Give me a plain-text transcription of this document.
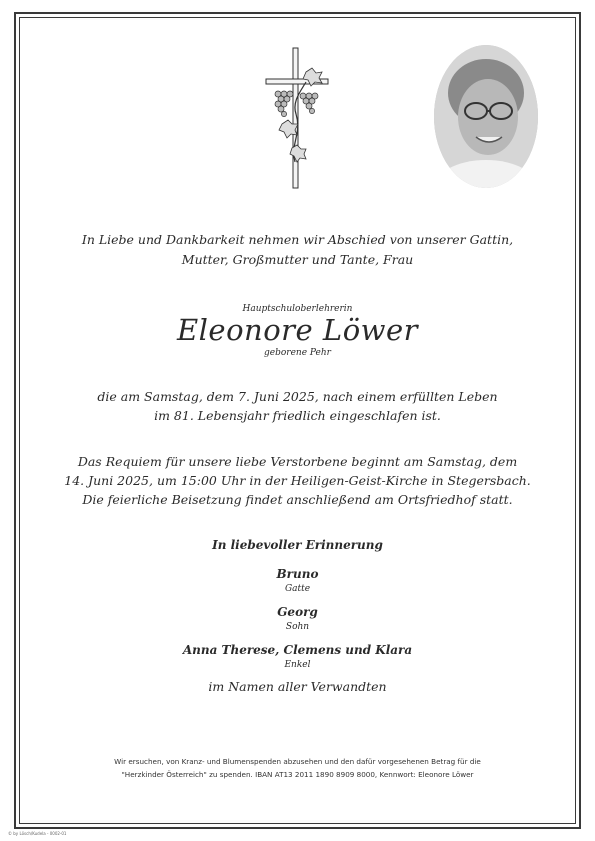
In Liebe und Dankbarkeit nehmen wir Abschied von unserer Gattin,
Mutter, Großmutter und Tante, Frau
Hauptschuloberlehrerin
Eleonore Löwer
geborene Pehr
die am Samstag, dem 7. Juni 2025, nach einem erfüllten Leben
im 81. Lebensjahr friedlich eingeschlafen ist.
Das Requiem für unsere liebe Verstorbene beginnt am Samstag, dem
14. Juni 2025, um 15:00 Uhr in der Heiligen-Geist-Kirche in Stegersbach.
Die feierliche Beisetzung findet anschließend am Ortsfriedhof statt.
In liebevoller Erinnerung
Bruno
Gatte
Georg
Sohn
Anna Therese, Clemens und Klara
Enkel
im Namen aller Verwandten
Wir ersuchen, von Kranz- und Blumenspenden abzusehen und den dafür vorgesehenen Betrag für die
"Herzkinder Österreich" zu spenden. IBAN AT13 2011 1890 8909 8000, Kennwort: Eleonore Löwer
© by Lösch/Kudela - 0002-01
